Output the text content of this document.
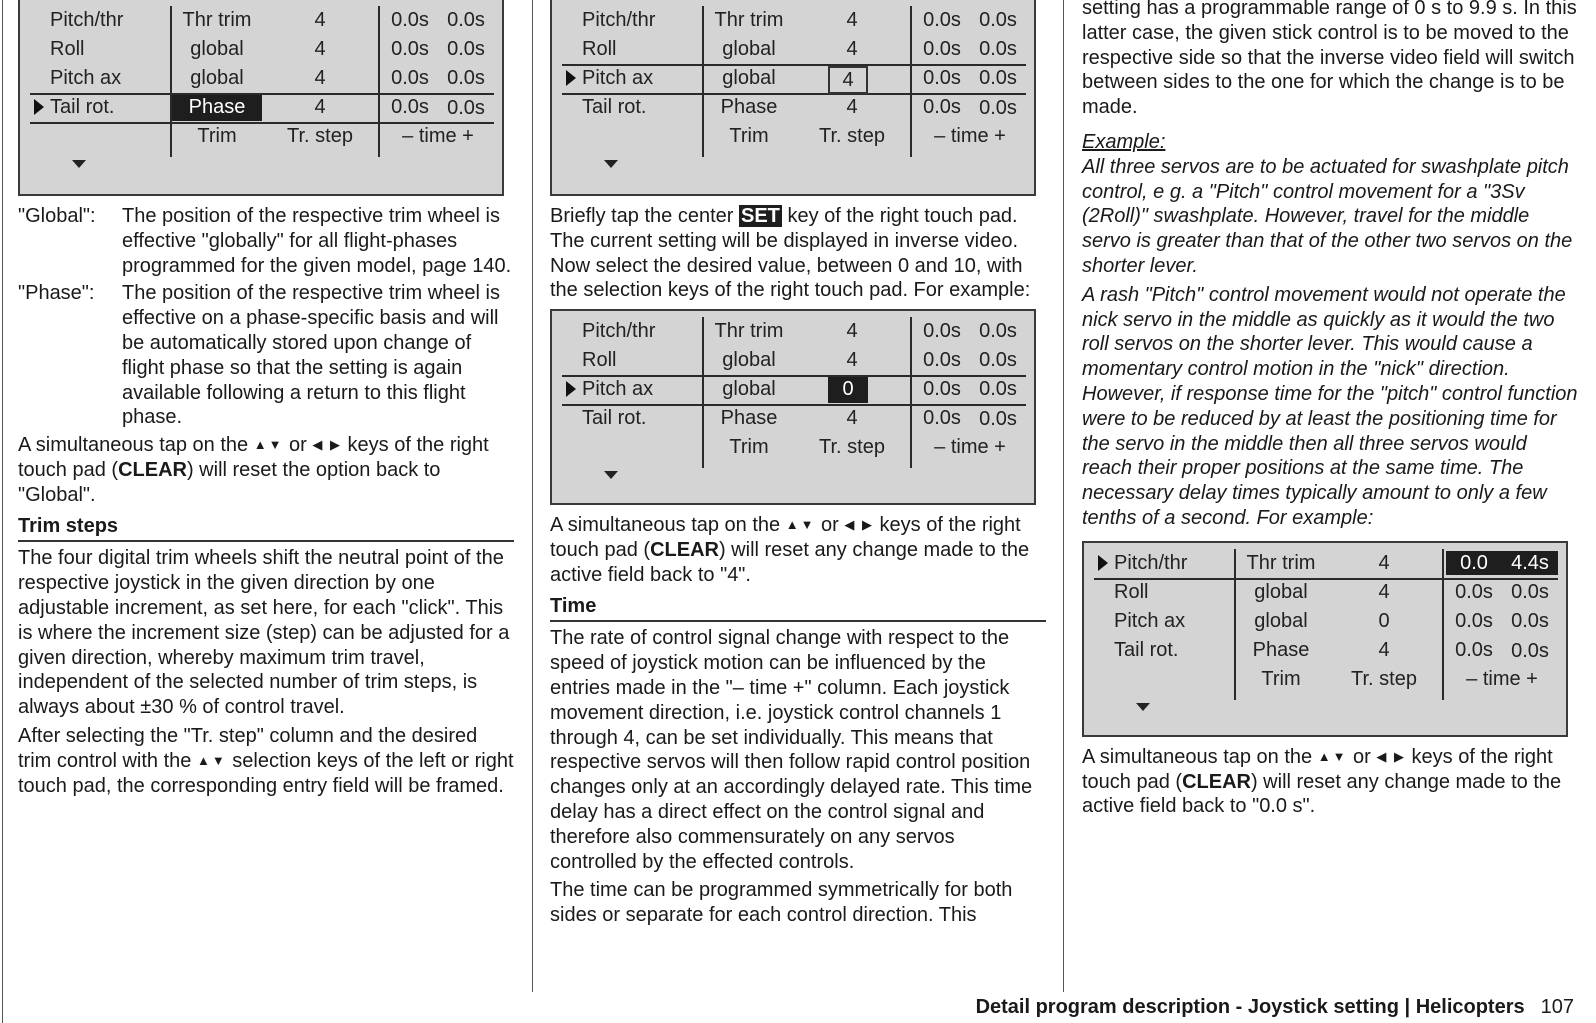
Pitch/thr	Thr trim	4	0.0s 0.0s
Roll	global	4	0.0s 0.0s
Pitch ax	global	4	0.0s 0.0s
Tail rot.	Phase	4	0.0s 0.0s
Trim	Tr. step	– time +
"Global":	The position of the respective trim wheel is effective "globally" for all flight-phases programmed for the given model, page 140.
"Phase":	The position of the respective trim wheel is effective on a phase-specific basis and will be automatically stored upon change of flight phase so that the setting is again available following a return to this flight phase.

A simultaneous tap on the ▲▼ or ◀ ▶ keys of the right touch pad (CLEAR) will reset the option back to "Global".

Trim steps

The four digital trim wheels shift the neutral point of the respective joystick in the given direction by one adjustable increment, as set here, for each "click". This is where the increment size (step) can be adjusted for a given direction, whereby maximum trim travel, independent of the selected number of trim steps, is always about ±30 % of control travel.

After selecting the "Tr. step" column and the desired trim control with the ▲▼ selection keys of the left or right touch pad, the corresponding entry field will be framed.

Pitch/thr	Thr trim	4	0.0s 0.0s
Roll	global	4	0.0s 0.0s
Pitch ax	global	4	0.0s 0.0s
Tail rot.	Phase	4	0.0s 0.0s
Trim	Tr. step	– time +

Briefly tap the center SET key of the right touch pad. The current setting will be displayed in inverse video. Now select the desired value, between 0 and 10, with the selection keys of the right touch pad. For example:

Pitch/thr	Thr trim	4	0.0s 0.0s
Roll	global	4	0.0s 0.0s
Pitch ax	global	0	0.0s 0.0s
Tail rot.	Phase	4	0.0s 0.0s
Trim	Tr. step	– time +

A simultaneous tap on the ▲▼ or ◀ ▶ keys of the right touch pad (CLEAR) will reset any change made to the active field back to "4".

Time

The rate of control signal change with respect to the speed of joystick motion can be influenced by the entries made in the "– time +" column. Each joystick movement direction, i.e. joystick control channels 1 through 4, can be set individually. This means that respective servos will then follow rapid control position changes only at an accordingly delayed rate. This time delay has a direct effect on the control signal and therefore also commensurately on any servos controlled by the effected controls.

The time can be programmed symmetrically for both sides or separate for each control direction. This

setting has a programmable range of 0 s to 9.9 s. In this latter case, the given stick control is to be moved to the respective side so that the inverse video field will switch between sides to the one for which the change is to be made.

Example:

All three servos are to be actuated for swashplate pitch control, e g. a "Pitch" control movement for a "3Sv (2Roll)" swashplate. However, travel for the middle servo is greater than that of the other two servos on the shorter lever.

A rash "Pitch" control movement would not operate the nick servo in the middle as quickly as it would the two roll servos on the shorter lever. This would cause a momentary control motion in the "nick" direction. However, if response time for the "pitch" control function were to be reduced by at least the positioning time for the servo in the middle then all three servos would reach their proper positions at the same time. The necessary delay times typically amount to only a few tenths of a second. For example:

Pitch/thr	Thr trim	4	0.0	4.4s
Roll	global	4	0.0s 0.0s
Pitch ax	global	0	0.0s 0.0s
Tail rot.	Phase	4	0.0s 0.0s
Trim	Tr. step	– time +

A simultaneous tap on the ▲▼ or ◀ ▶ keys of the right touch pad (CLEAR) will reset any change made to the active field back to "0.0 s".

Detail program description - Joystick setting | Helicopters 107
